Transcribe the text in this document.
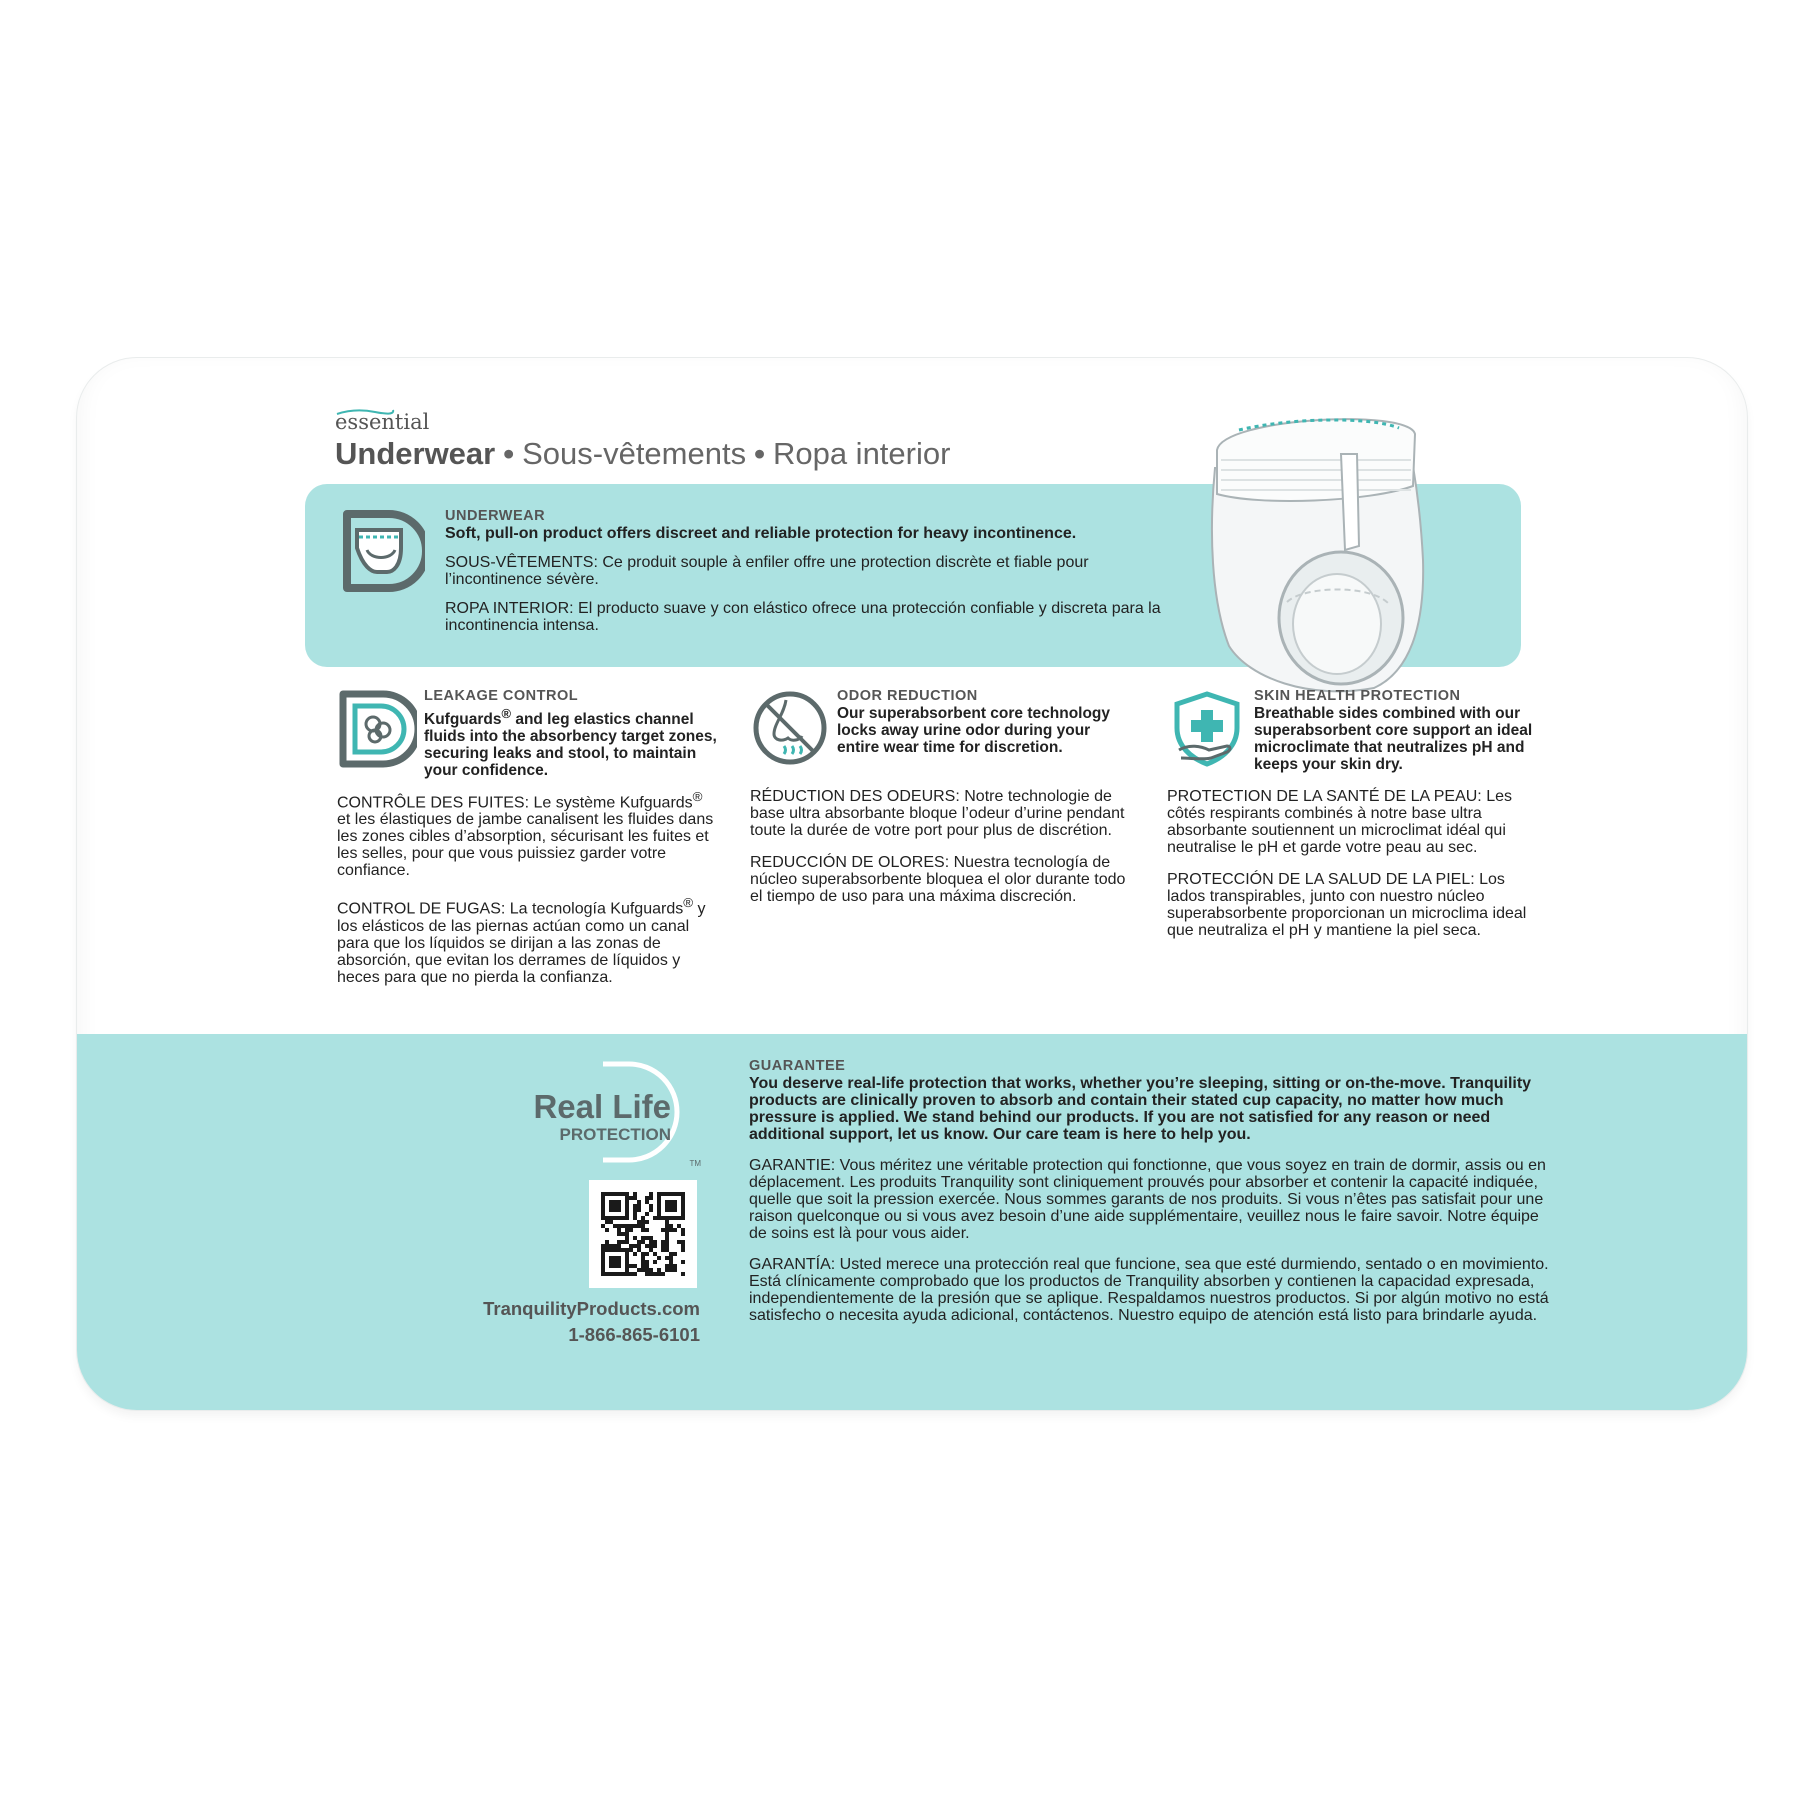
essential
Underwear • Sous-vêtements • Ropa interior

UNDERWEAR
Soft, pull-on product offers discreet and reliable protection for heavy incontinence.

SOUS-VÊTEMENTS: Ce produit souple à enfiler offre une protection discrète et fiable pour l’incontinence sévère.

ROPA INTERIOR: El producto suave y con elástico ofrece una protección confiable y discreta para la incontinencia intensa.

LEAKAGE CONTROL
Kufguards® and leg elastics channel fluids into the absorbency target zones, securing leaks and stool, to maintain your confidence.

CONTRÔLE DES FUITES: Le système Kufguards® et les élastiques de jambe canalisent les fluides dans les zones cibles d’absorption, sécurisant les fuites et les selles, pour que vous puissiez garder votre confiance.

CONTROL DE FUGAS: La tecnología Kufguards® y los elásticos de las piernas actúan como un canal para que los líquidos se dirijan a las zonas de absorción, que evitan los derrames de líquidos y heces para que no pierda la confianza.

ODOR REDUCTION
Our superabsorbent core technology locks away urine odor during your entire wear time for discretion.

RÉDUCTION DES ODEURS: Notre technologie de base ultra absorbante bloque l’odeur d’urine pendant toute la durée de votre port pour plus de discrétion.

REDUCCIÓN DE OLORES: Nuestra tecnología de núcleo superabsorbente bloquea el olor durante todo el tiempo de uso para una máxima discreción.

SKIN HEALTH PROTECTION
Breathable sides combined with our superabsorbent core support an ideal microclimate that neutralizes pH and keeps your skin dry.

PROTECTION DE LA SANTÉ DE LA PEAU: Les côtés respirants combinés à notre base ultra absorbante soutiennent un microclimat idéal qui neutralise le pH et garde votre peau au sec.

PROTECCIÓN DE LA SALUD DE LA PIEL: Los lados transpirables, junto con nuestro núcleo superabsorbente proporcionan un microclima ideal que neutraliza el pH y mantiene la piel seca.

Real Life
PROTECTION
TM
TranquilityProducts.com
1-866-865-6101

GUARANTEE
You deserve real-life protection that works, whether you’re sleeping, sitting or on-the-move. Tranquility products are clinically proven to absorb and contain their stated cup capacity, no matter how much pressure is applied. We stand behind our products. If you are not satisfied for any reason or need additional support, let us know. Our care team is here to help you.

GARANTIE: Vous méritez une véritable protection qui fonctionne, que vous soyez en train de dormir, assis ou en déplacement. Les produits Tranquility sont cliniquement prouvés pour absorber et contenir la capacité indiquée, quelle que soit la pression exercée. Nous sommes garants de nos produits. Si vous n’êtes pas satisfait pour une raison quelconque ou si vous avez besoin d’une aide supplémentaire, veuillez nous le faire savoir. Notre équipe de soins est là pour vous aider.

GARANTÍA: Usted merece una protección real que funcione, sea que esté durmiendo, sentado o en movimiento. Está clínicamente comprobado que los productos de Tranquility absorben y contienen la capacidad expresada, independientemente de la presión que se aplique. Respaldamos nuestros productos. Si por algún motivo no está satisfecho o necesita ayuda adicional, contáctenos. Nuestro equipo de atención está listo para brindarle ayuda.
